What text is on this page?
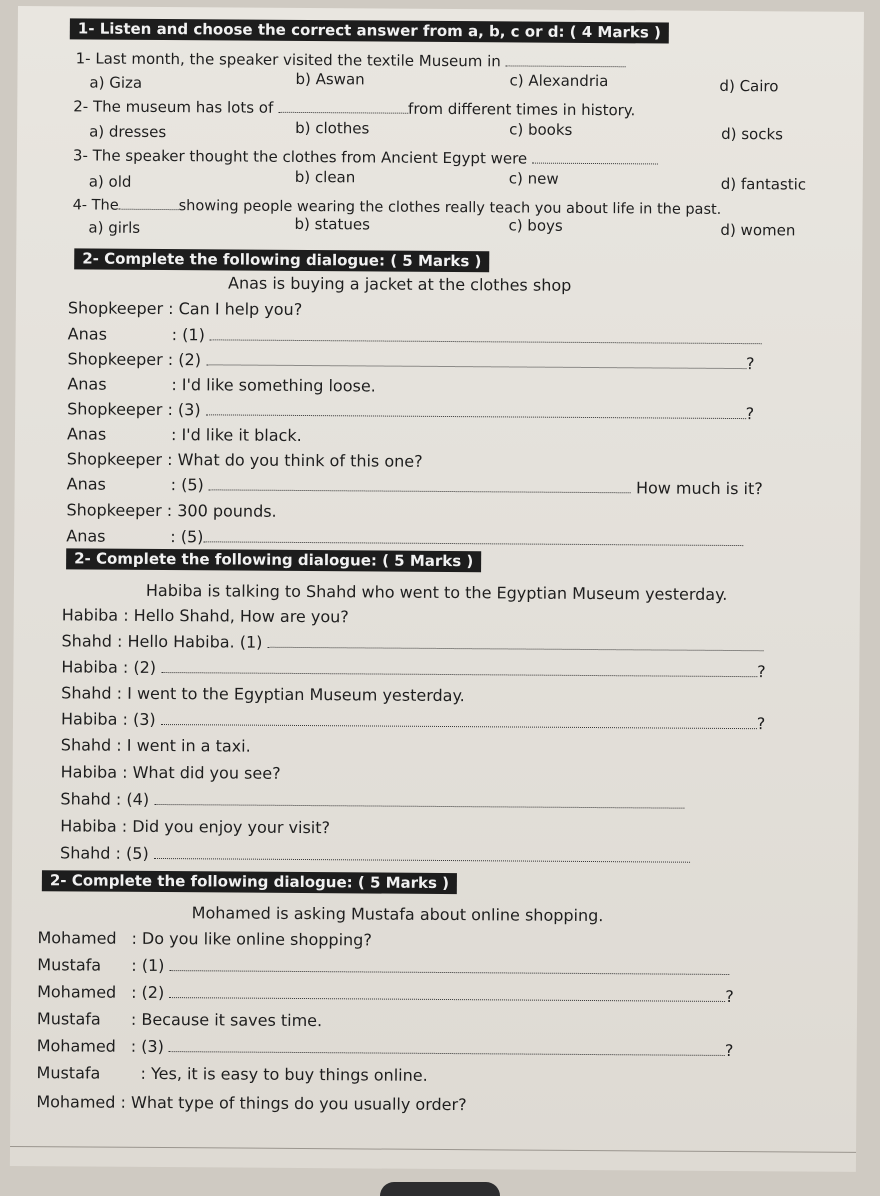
1- Listen and choose the correct answer from a, b, c or d: ( 4 Marks )
1- Last month, the speaker visited the textile Museum in
a) Giza	b) Aswan	c) Alexandria	d) Cairo
2- The museum has lots of	from different times in history.
a) dresses	b) clothes	c) books	d) socks
3- The speaker thought the clothes from Ancient Egypt were
a) old	b) clean	c) new	d) fantastic
4- The	showing people wearing the clothes really teach you about life in the past.
a) girls	b) statues	c) boys	d) women
2- Complete the following dialogue: ( 5 Marks )
Anas is buying a jacket at the clothes shop
Shopkeeper : Can I help you?
Anas	: (1)
Shopkeeper : (2)	?
Anas	: I'd like something loose.
Shopkeeper : (3)	?
Anas	: I'd like it black.
Shopkeeper : What do you think of this one?
Anas	: (5)	How much is it?
Shopkeeper : 300 pounds.
Anas	: (5)
2- Complete the following dialogue: ( 5 Marks )
Habiba is talking to Shahd who went to the Egyptian Museum yesterday.
Habiba : Hello Shahd, How are you?
Shahd : Hello Habiba. (1)
Habiba : (2)	?
Shahd : I went to the Egyptian Museum yesterday.
Habiba : (3)	?
Shahd : I went in a taxi.
Habiba : What did you see?
Shahd : (4)
Habiba : Did you enjoy your visit?
Shahd : (5)
2- Complete the following dialogue: ( 5 Marks )
Mohamed is asking Mustafa about online shopping.
Mohamed : Do you like online shopping?
Mustafa : (1)
Mohamed : (2)	?
Mustafa : Because it saves time.
Mohamed : (3)	?
Mustafa	: Yes, it is easy to buy things online.
Mohamed : What type of things do you usually order?
